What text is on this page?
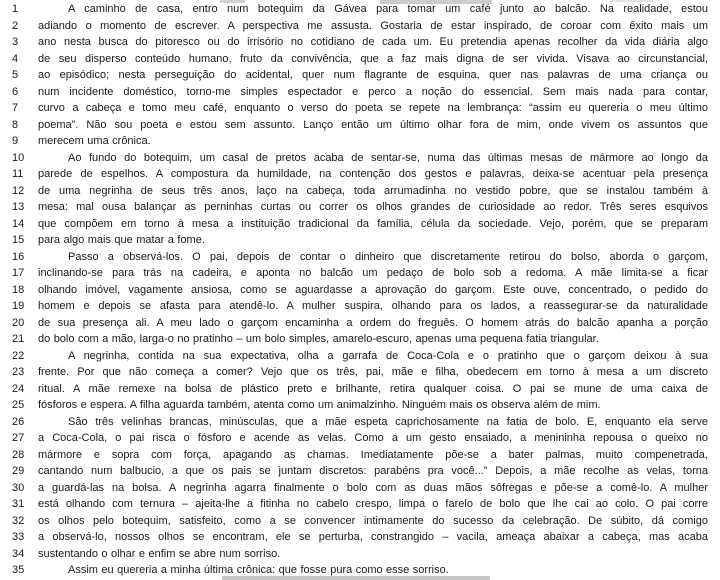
1	A caminho de casa, entro num botequim da Gávea para tomar um café junto ao balcão. Na realidade, estou
2	adiando o momento de escrever. A perspectiva me assusta. Gostaria de estar inspirado, de coroar com êxito mais um
3	ano nesta busca do pitoresco ou do irrisório no cotidiano de cada um. Eu pretendia apenas recolher da vida diária algo
4	de seu disperso conteúdo humano, fruto da convivência, que a faz mais digna de ser vivida. Visava ao circunstancial,
5	ao episódico; nesta perseguição do acidental, quer num flagrante de esquina, quer nas palavras de uma criança ou
6	num incidente doméstico, torno-me simples espectador e perco a noção do essencial. Sem mais nada para contar,
7	curvo a cabeça e tomo meu café, enquanto o verso do poeta se repete na lembrança: “assim eu quereria o meu último
8	poema”. Não sou poeta e estou sem assunto. Lanço então um último olhar fora de mim, onde vivem os assuntos que
9	merecem uma crônica.
10	Ao fundo do botequim, um casal de pretos acaba de sentar-se, numa das últimas mesas de mármore ao longo da
11	parede de espelhos. A compostura da humildade, na contenção dos gestos e palavras, deixa-se acentuar pela presença
12	de uma negrinha de seus três anos, laço na cabeça, toda arrumadinha no vestido pobre, que se instalou também à
13	mesa: mal ousa balançar as perninhas curtas ou correr os olhos grandes de curiosidade ao redor. Três seres esquivos
14	que compõem em torno à mesa a instituição tradicional da família, célula da sociedade. Vejo, porém, que se preparam
15	para algo mais que matar a fome.
16	Passo a observá-los. O pai, depois de contar o dinheiro que discretamente retirou do bolso, aborda o garçom,
17	inclinando-se para trás na cadeira, e aponta no balcão um pedaço de bolo sob a redoma. A mãe limita-se a ficar
18	olhando imóvel, vagamente ansiosa, como se aguardasse a aprovação do garçom. Este ouve, concentrado, o pedido do
19	homem e depois se afasta para atendê-lo. A mulher suspira, olhando para os lados, a reassegurar-se da naturalidade
20	de sua presença ali. A meu lado o garçom encaminha a ordem do freguês. O homem atrás do balcão apanha a porção
21	do bolo com a mão, larga-o no pratinho – um bolo simples, amarelo-escuro, apenas uma pequena fatia triangular.
22	A negrinha, contida na sua expectativa, olha a garrafa de Coca-Cola e o pratinho que o garçom deixou à sua
23	frente. Por que não começa a comer? Vejo que os três, pai, mãe e filha, obedecem em torno à mesa a um discreto
24	ritual. A mãe remexe na bolsa de plástico preto e brilhante, retira qualquer coisa. O pai se mune de uma caixa de
25	fósforos e espera. A filha aguarda também, atenta como um animalzinho. Ninguém mais os observa além de mim.
26	São três velinhas brancas, minúsculas, que a mãe espeta caprichosamente na fatia de bolo. E, enquanto ela serve
27	a Coca-Cola, o pai risca o fósforo e acende as velas. Como a um gesto ensaiado, a menininha repousa o queixo no
28	mármore e sopra com força, apagando as chamas. Imediatamente põe-se a bater palmas, muito compenetrada,
29	cantando num balbucio, a que os pais se juntam discretos: parabéns pra você...” Depois, a mãe recolhe as velas, torna
30	a guardá-las na bolsa. A negrinha agarra finalmente o bolo com as duas mãos sôfregas e põe-se a comê-lo. A mulher
31	está olhando com ternura – ajeita-lhe a fitinha no cabelo crespo, limpa o farelo de bolo que lhe cai ao colo. O pai corre
32	os olhos pelo botequim, satisfeito, como a se convencer intimamente do sucesso da celebração. De súbito, dá comigo
33	a observá-lo, nossos olhos se encontram, ele se perturba, constrangido – vacila, ameaça abaixar a cabeça, mas acaba
34	sustentando o olhar e enfim se abre num sorriso.
35	Assim eu quereria a minha última crônica: que fosse pura como esse sorriso.
